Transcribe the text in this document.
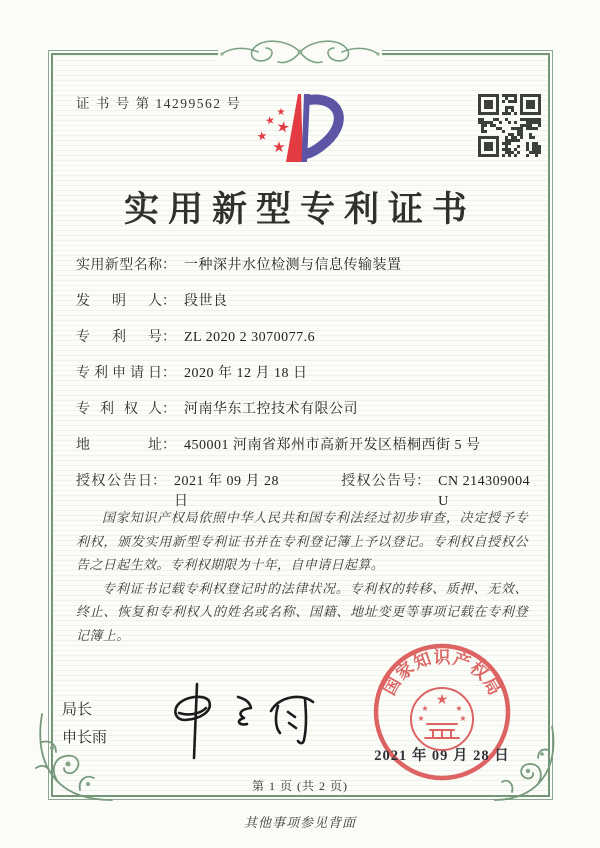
证 书 号 第 14299562 号
★
★
★
★
★
实用新型专利证书
实用新型名称 ： 一种深井水位检测与信息传输装置
发明人 ： 段世良
专利号 ： ZL 2020 2 3070077.6
专利申请日 ： 2020 年 12 月 18 日
专利权人 ： 河南华东工控技术有限公司
地址 ： 450001 河南省郑州市高新开发区梧桐西街 5 号
授权公告日 ： 2021 年 09 月 28 日
授权公告号 ： CN 214309004 U

国家知识产权局依照中华人民共和国专利法经过初步审查，决定授予专利权，颁发实用新型专利证书并在专利登记簿上予以登记。专利权自授权公告之日起生效。专利权期限为十年，自申请日起算。

专利证书记载专利权登记时的法律状况。专利权的转移、质押、无效、终止、恢复和专利权人的姓名或名称、国籍、地址变更等事项记载在专利登记簿上。

局长
申长雨
2021 年 09 月 28 日
国
家
知 识 产
权
局
★
★	★
★	★
第 1 页 (共 2 页)
其他事项参见背面
